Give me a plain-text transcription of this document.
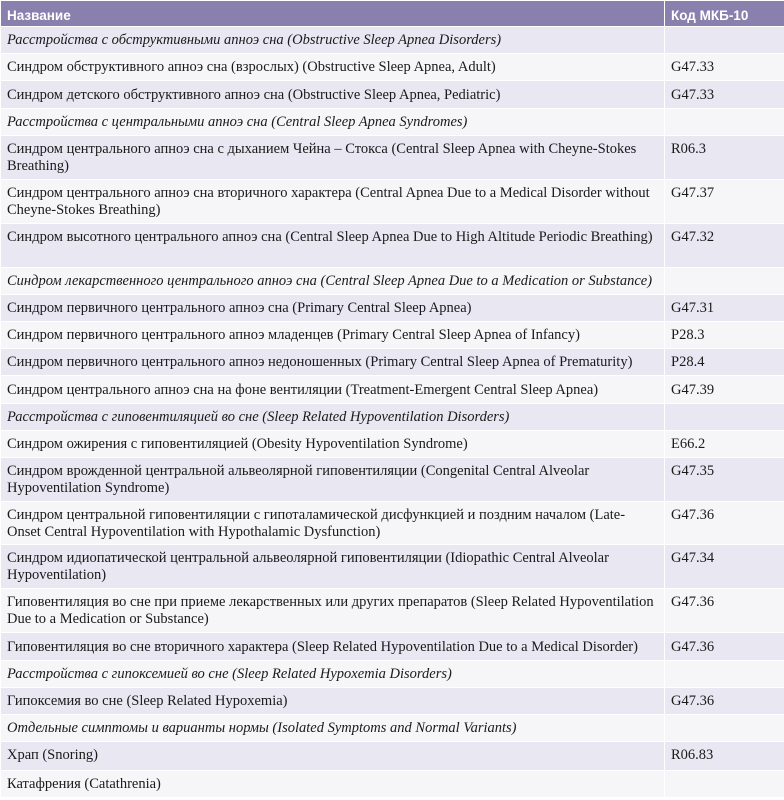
Название	Код МКБ-10
Расстройства с обструктивными апноэ сна (Obstructive Sleep Apnea Disorders)	
Синдром обструктивного апноэ сна (взрослых) (Obstructive Sleep Apnea, Adult)	G47.33
Синдром детского обструктивного апноэ сна (Obstructive Sleep Apnea, Pediatric)	G47.33
Расстройства с центральными апноэ сна (Central Sleep Apnea Syndromes)	
Синдром центрального апноэ сна с дыханием Чейна – Стокса (Central Sleep Apnea with Cheyne-Stokes Breathing)	R06.3
Синдром центрального апноэ сна вторичного характера (Central Apnea Due to a Medical Disorder without Cheyne-Stokes Breathing)	G47.37
Синдром высотного центрального апноэ сна (Central Sleep Apnea Due to High Altitude Periodic Breathing)	G47.32
Синдром лекарственного центрального апноэ сна (Central Sleep Apnea Due to a Medication or Substance)	
Синдром первичного центрального апноэ сна (Primary Central Sleep Apnea)	G47.31
Синдром первичного центрального апноэ младенцев (Primary Central Sleep Apnea of Infancy)	P28.3
Синдром первичного центрального апноэ недоношенных (Primary Central Sleep Apnea of Prematurity)	P28.4
Синдром центрального апноэ сна на фоне вентиляции (Treatment-Emergent Central Sleep Apnea)	G47.39
Расстройства с гиповентиляцией во сне (Sleep Related Hypoventilation Disorders)	
Синдром ожирения с гиповентиляцией (Obesity Hypoventilation Syndrome)	E66.2
Синдром врожденной центральной альвеолярной гиповентиляции (Congenital Central Alveolar Hypoventilation Syndrome)	G47.35
Синдром центральной гиповентиляции с гипоталамической дисфункцией и поздним началом (Late-Onset Central Hypoventilation with Hypothalamic Dysfunction)	G47.36
Синдром идиопатической центральной альвеолярной гиповентиляции (Idiopathic Central Alveolar Hypoventilation)	G47.34
Гиповентиляция во сне при приеме лекарственных или других препаратов (Sleep Related Hypoventilation Due to a Medication or Substance)	G47.36
Гиповентиляция во сне вторичного характера (Sleep Related Hypoventilation Due to a Medical Disorder)	G47.36
Расстройства с гипоксемией во сне (Sleep Related Hypoxemia Disorders)	
Гипоксемия во сне (Sleep Related Hypoxemia)	G47.36
Отдельные симптомы и варианты нормы (Isolated Symptoms and Normal Variants)	
Храп (Snoring)	R06.83
Катафрения (Catathrenia)	
